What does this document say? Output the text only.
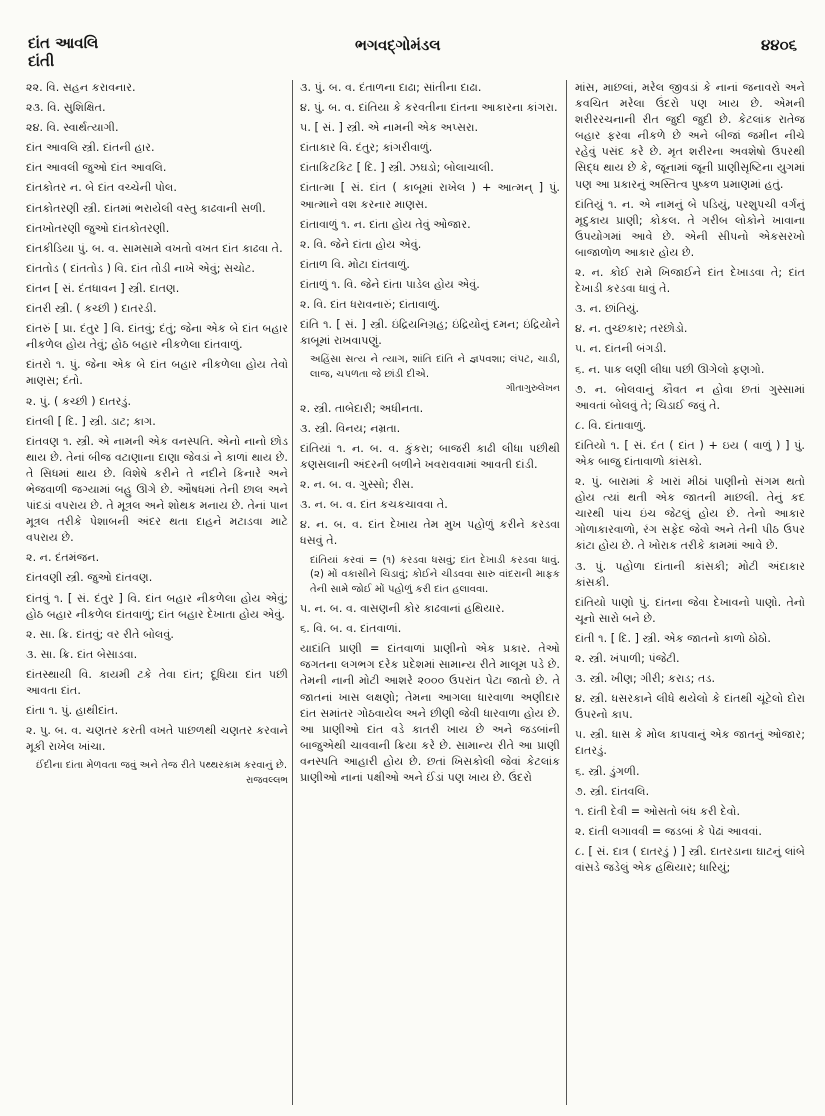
દાંત આવલિ
દાંતી
ભગવદ્ગોમંડલ	૪૪૦૬

૨૨. વિ. સહન કરાવનાર.

૨૩. વિ. સુશિક્ષિત.

૨૪. વિ. સ્વાર્થત્યાગી.

દાંત આવલિ સ્ત્રી. દાંતની હાર.

દાંત આવલી જુઓ દાંત આવલિ.

દાંતકોતર ન. બે દાંત વચ્ચેની પોલ.

દાંતકોતરણી સ્ત્રી. દાંતમાં ભરાયેલી વસ્તુ કાઢવાની સળી.

દાંતખોતરણી જુઓ દાંતકોતરણી.

દાંતકીડિયા પું. બ. વ. સામસામે વખતો વખત દાંત કાઢવા તે.

દાંતતોડ ( દાંતતોડ ) વિ. દાંત તોડી નાખે એવું; સચોટ.

દાંતન [ સં. દંતધાવન ] સ્ત્રી. દાતણ.

દાંતરી સ્ત્રી. ( કચ્છી ) દાતરડી.

દાંતરું [ પ્રા. દંતુર ] વિ. દાંતવું; દંતું; જેના એક બે દાંત બહાર નીકળેલ હોય તેવું; હોઠ બહાર નીકળેલા દાંતવાળું.

દાંતરો ૧. પું. જેના એક બે દાંત બહાર નીકળેલા હોય તેવો માણસ; દંતો.

૨. પું. ( કચ્છી ) દાતરડું.

દાંતલી [ દિ. ] સ્ત્રી. ડાટ; કાગ.

દાંતવણ ૧. સ્ત્રી. એ નામની એક વનસ્પતિ. એનો નાનો છોડ થાય છે. તેનાં બીજ વટાણાના દાણા જેવડાં ને કાળાં થાય છે. તે સિધમાં થાય છે. વિશેષે કરીને તે નદીને કિનારે અને ભેજવાળી જગ્યામાં બહુ ઊગે છે. ઔષધમાં તેની છાલ અને પાંદડાં વપરાય છે. તે મૂત્રલ અને શોથક મનાય છે. તેનાં પાન મૂત્રલ તરીકે પેશાબની અંદર થતા દાહને મટાડવા માટે વપરાય છે.

૨. ન. દંતમંજન.

દાંતવણી સ્ત્રી. જુઓ દાંતવણ.

દાંતવું ૧. [ સં. દંતુર ] વિ. દાંત બહાર નીકળેલા હોય એવું; હોઠ બહાર નીકળેલ દાંતવાળું; દાંત બહાર દેખાતા હોય એવું.

૨. સા. ક્રિ. દાંતવું; વર રીતે બોલવું.

૩. સા. ક્રિ. દાંત બેસાડવા.

દાંતસ્થાયી વિ. કાયમી ટકે તેવા દાંત; દૂધિયા દાંત પછી આવતા દાંત.

દાંતા ૧. પું. હાથીદાંત.

૨. પુ. બ. વ. ચણતર કરતી વખતે પાછળથી ચણતર કરવાને મૂકી રાખેલ ખાંચા.

ઈંદીના દાંતા મેળવતા જવું અને તેજ રીતે પથ્થરકામ કરવાનું છે.
રાજવલ્લભ

૩. પું. બ. વ. દંતાળના દાઢા; સાંતીના દાઢા.

૪. પું. બ. વ. દાંતિયા કે કરવતીના દાંતના આકારના કાંગરા.

૫. [ સં. ] સ્ત્રી. એ નામની એક અપ્સરા.

દાંતાકાર વિ. દંતુર; કાંગરીવાળું.

દાંતાકિટકિટ [ દિ. ] સ્ત્રી. ઝઘડો; બોલાચાલી.

દાંતાત્મા [ સં. દાંત ( કાબૂમાં રાખેલ ) + આત્મન્ ] પું. આત્માને વશ કરનાર માણસ.

દાંતાવાળું ૧. ન. દાંતા હોય તેવું ઓજાર.

૨. વિ. જેને દાંતા હોય એવું.

દાંતાળ વિ. મોટા દાંતવાળું.

દાંતાળું ૧. વિ. જેને દાંતા પાડેલ હોય એવું.

૨. વિ. દાંત ધરાવનારું; દાંતાવાળું.

દાંતિ ૧. [ સં. ] સ્ત્રી. ઇંદ્રિયનિગ્રહ; ઇંદ્રિયોનું દમન; ઇંદ્રિયોને કાબૂમાં રાખવાપણું.

અહિંસા સત્ય ને ત્યાગ, શાંતિ દાંતિ ને જ્ઞપવશા; લંપટ, ચાડી, લાજ, ચપળતા જે છાંડી દીએ.
ગીતાગુરુલેખન

૨. સ્ત્રી. તાબેદારી; અધીનતા.

૩. સ્ત્રી. વિનય; નમ્રતા.

દાંતિયાં ૧. ન. બ. વ. કુંકરા; બાજરી કાઢી લીધા પછીથી કણસલાની અંદરની બળીને ખવરાવવામાં આવતી દાંડી.

૨. ન. બ. વ. ગુસ્સો; રીસ.

૩. ન. બ. વ. દાંત કચકચાવવા તે.

૪. ન. બ. વ. દાંત દેખાય તેમ મુખ પહોળું કરીને કરડવા ધસવું તે.

દાંતિયાં કરવાં = (૧) કરડવા ધસવું; દાંત દેખાડી કરડવા ધાવું. (૨) મોં વકાસીને ચિડાવું; કોઈને ચીડવવા સારુ વાંદરાની માફક તેની સામે જોઈ મોં પહોળું કરી દાંત હલાવવા.

૫. ન. બ. વ. વાસણની કોર કાઢવાનાં હથિયાર.

૬. વિ. બ. વ. દાંતવાળાં.

યાદાંતિ પ્રાણી = દાંતવાળાં પ્રાણીનો એક પ્રકાર. તેઓ જગતના લગભગ દરેક પ્રદેશમાં સામાન્ય રીતે માલૂમ પડે છે. તેમની નાની મોટી આશરે ૨૦૦૦ ઉપરાંત પેટા જાતો છે. તે જાતનાં ખાસ લક્ષણો; તેમના આગલા ધારવાળા અણીદાર દાંત સમાંતર ગોઠવાયેલ અને છીણી જેવી ધારવાળા હોય છે. આ પ્રાણીઓ દાંત વડે કાતરી ખાય છે અને જડબાંની બાજુએથી ચાવવાની ક્રિયા કરે છે. સામાન્ય રીતે આ પ્રાણી વનસ્પતિ આહારી હોય છે. છતાં ખિસકોલી જેવાં કેટલાંક પ્રાણીઓ નાનાં પક્ષીઓ અને ઈંડાં પણ ખાય છે. ઉંદરો

માંસ, માછલાં, મરેલ જીવડાં કે નાનાં જનાવરો અને કવચિત મરેલા ઉંદરો પણ ખાય છે. એમની શરીરરચનાની રીત જુદી જુદી છે. કેટલાંક રાતેજ બહાર ફરવા નીકળે છે અને બીજાં જમીન નીચે રહેવું પસંદ કરે છે. મૃત શરીરના અવશેષો ઉપરથી સિદ્ધ થાય છે કે, જૂનામાં જૂની પ્રાણીસૃષ્ટિના યુગમાં પણ આ પ્રકારનું અસ્તિત્વ પુષ્કળ પ્રમાણમાં હતું.

દાંતિયું ૧. ન. એ નામનું બે પડિયું, પરશુપચી વર્ગનું મૃદુકાય પ્રાણી; કોકલ. તે ગરીબ લોકોને ખાવાના ઉપયોગમાં આવે છે. એની સીપનો એકસરખો બાજાળોળ આકાર હોય છે.

૨. ન. કોઈ રામે ખિજાઈને દાંત દેખાડવા તે; દાંત દેખાડી કરડવા ધાવું તે.

૩. ન. છાંતિયું.

૪. ન. તુચ્છકાર; તરછોડો.

૫. ન. દાંતની બંગડી.

૬. ન. પાક લણી લીધા પછી ઊગેલો ફણગો.

૭. ન. બોલવાનું કૌવત ન હોવા છતાં ગુસ્સામાં આવતાં બોલવું તે; ચિડાઈ જવું તે.

૮. વિ. દાંતાવાળું.

દાંતિયો ૧. [ સં. દંત ( દાંત ) + ઇય ( વાળું ) ] પું. એક બાજુ દાંતાવાળો કાંસકો.

૨. પું. બારામાં કે ખારાં મીઠાં પાણીનો સંગમ થતો હોય ત્યાં થતી એક જાતની માછલી. તેનું કદ ચારથી પાંચ ઇંચ જેટલું હોય છે. તેનો આકાર ગોળાકારવાળો, રંગ સફેદ જેવો અને તેની પીઠ ઉપર કાંટા હોય છે. તે ખોરાક તરીકે કામમાં આવે છે.

૩. પું. પહોળા દાંતાની કાંસકી; મોટી અંદાકાર કાંસકી.

દાંતિયો પાણો પું. દાંતના જેવા દેખાવનો પાણો. તેનો ચૂનો સારો બને છે.

દાંતી ૧. [ દિ. ] સ્ત્રી. એક જાતનો કાળો ઠોઠો.

૨. સ્ત્રી. ખંપાળી; પંજેટી.

૩. સ્ત્રી. ખીણ; ગીરી; કરાડ; તડ.

૪. સ્ત્રી. ધસરકાને લીધે થયેલો કે દાંતથી ચૂંટેલો દોરા ઉપરનો કાપ.

૫. સ્ત્રી. ધાસ કે મોલ કાપવાનું એક જાતનું ઓજાર; દાતરડું.

૬. સ્ત્રી. ડુંગળી.

૭. સ્ત્રી. દાંતવલિ.

૧. દાંતી દેવી = ઓસતો બંધ કરી દેવો.

૨. દાંતી લગાવવી = જડબાં કે પેઢાં આવવાં.

૮. [ સં. દાત્ર ( દાતરડું ) ] સ્ત્રી. દાતરડાના ઘાટનું લાંબે વાંસડે જડેલું એક હથિયાર; ધારિયું;
